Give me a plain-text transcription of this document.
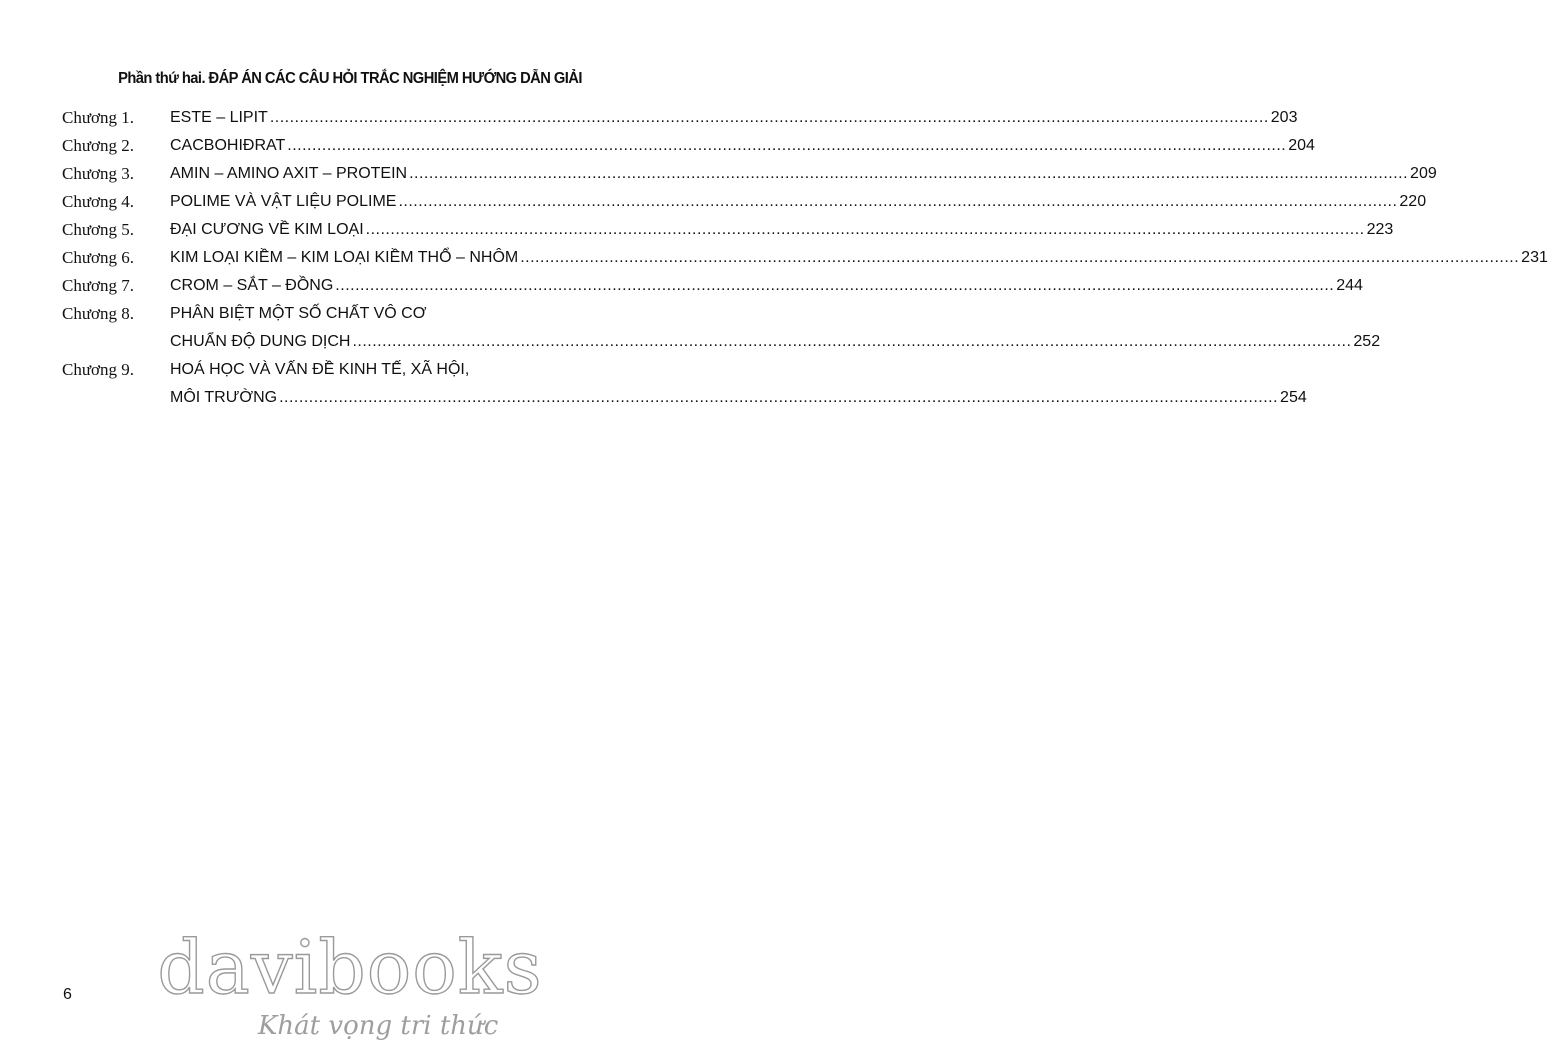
Phần thứ hai. ĐÁP ÁN CÁC CÂU HỎI TRẮC NGHIỆM HƯỚNG DẪN GIẢI
Chương 1.	ESTE – LIPIT .....	203
Chương 2.	CACBOHIĐRAT .....	204
Chương 3.	AMIN – AMINO AXIT – PROTEIN .....	209
Chương 4.	POLIME VÀ VẬT LIỆU POLIME .....	220
Chương 5.	ĐẠI CƯƠNG VỀ KIM LOẠI .....	223
Chương 6.	KIM LOẠI KIỀM – KIM LOẠI KIỀM THỔ – NHÔM .....	231
Chương 7.	CROM – SẮT – ĐỒNG .....	244
Chương 8.	PHÂN BIỆT MỘT SỐ CHẤT VÔ CƠ
CHUẨN ĐỘ DUNG DỊCH .....	252
Chương 9.	HOÁ HỌC VÀ VẤN ĐỀ KINH TẾ, XÃ HỘI,
MÔI TRƯỜNG .....	254
6 davibooks
Khát vọng tri thức
